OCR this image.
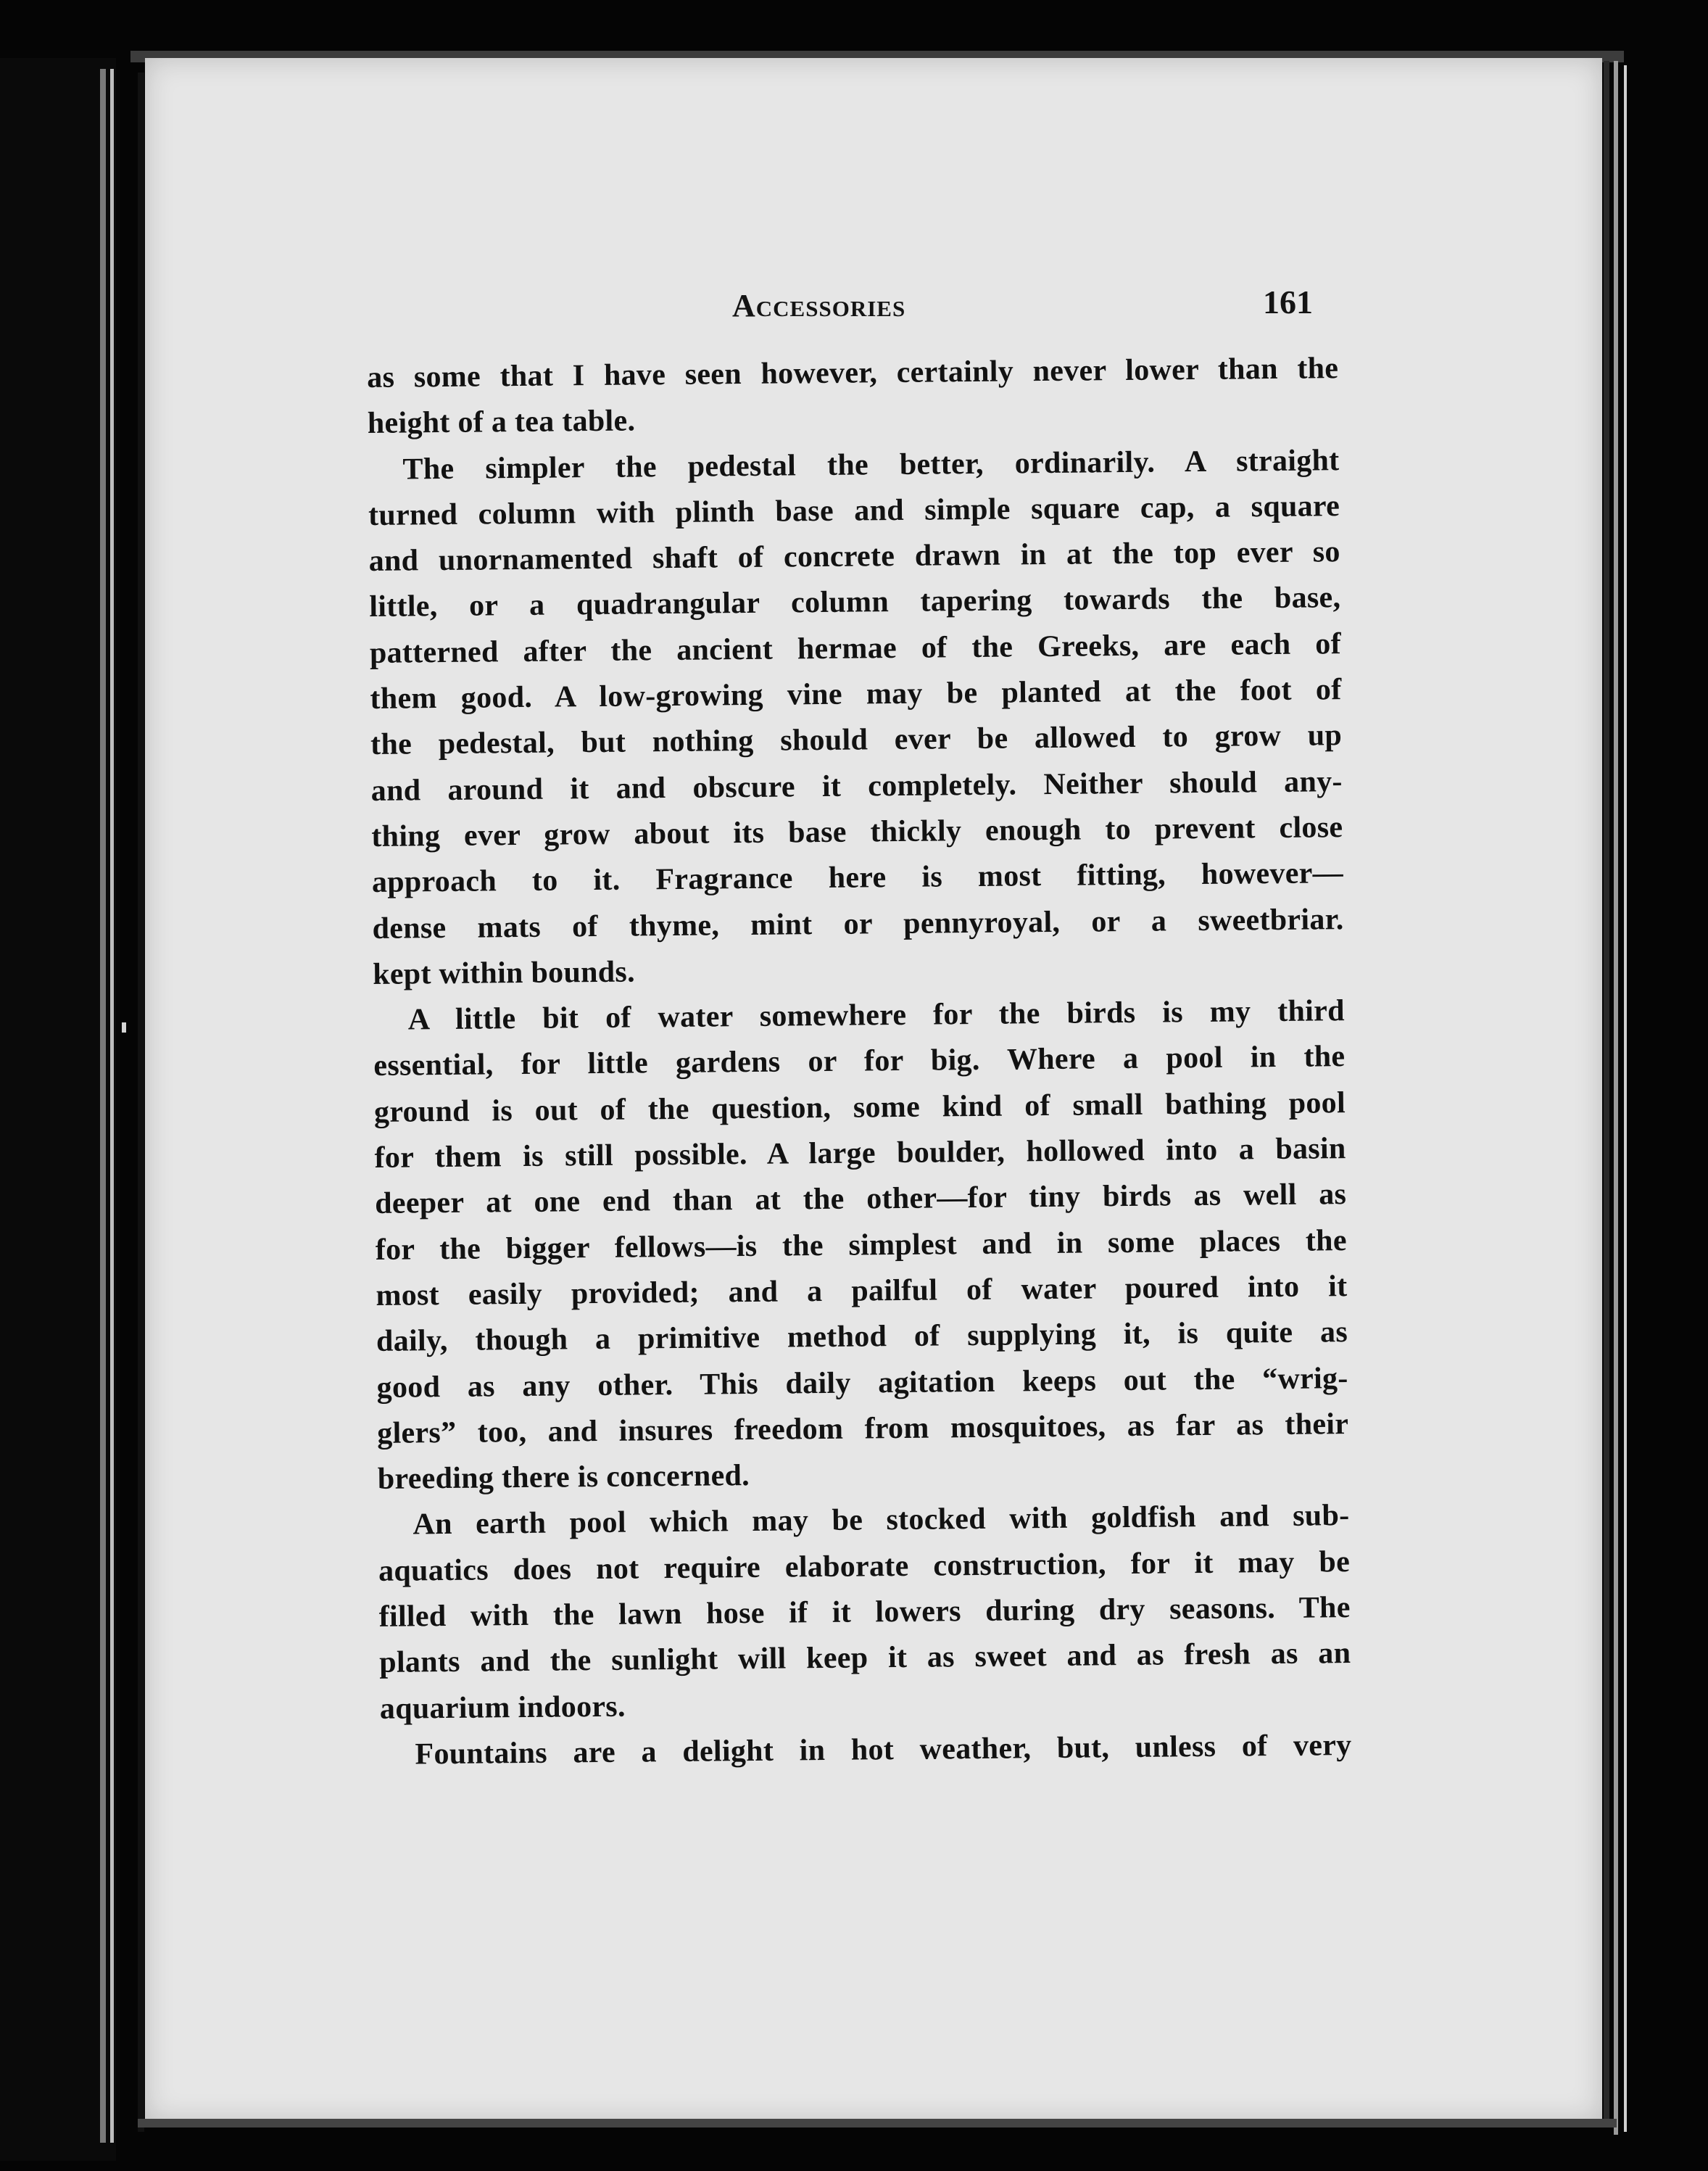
Accessories	161
as some that I have seen however, certainly never lower than the
height of a tea table.
The simpler the pedestal the better, ordinarily. A straight
turned column with plinth base and simple square cap, a square
and unornamented shaft of concrete drawn in at the top ever so
little, or a quadrangular column tapering towards the base,
patterned after the ancient hermae of the Greeks, are each of
them good. A low-growing vine may be planted at the foot of
the pedestal, but nothing should ever be allowed to grow up
and around it and obscure it completely. Neither should any-
thing ever grow about its base thickly enough to prevent close
approach to it. Fragrance here is most fitting, however—
dense mats of thyme, mint or pennyroyal, or a sweetbriar.
kept within bounds.
A little bit of water somewhere for the birds is my third
essential, for little gardens or for big. Where a pool in the
ground is out of the question, some kind of small bathing pool
for them is still possible. A large boulder, hollowed into a basin
deeper at one end than at the other—for tiny birds as well as
for the bigger fellows—is the simplest and in some places the
most easily provided; and a pailful of water poured into it
daily, though a primitive method of supplying it, is quite as
good as any other. This daily agitation keeps out the “wrig-
glers” too, and insures freedom from mosquitoes, as far as their
breeding there is concerned.
An earth pool which may be stocked with goldfish and sub-
aquatics does not require elaborate construction, for it may be
filled with the lawn hose if it lowers during dry seasons. The
plants and the sunlight will keep it as sweet and as fresh as an
aquarium indoors.
Fountains are a delight in hot weather, but, unless of very
